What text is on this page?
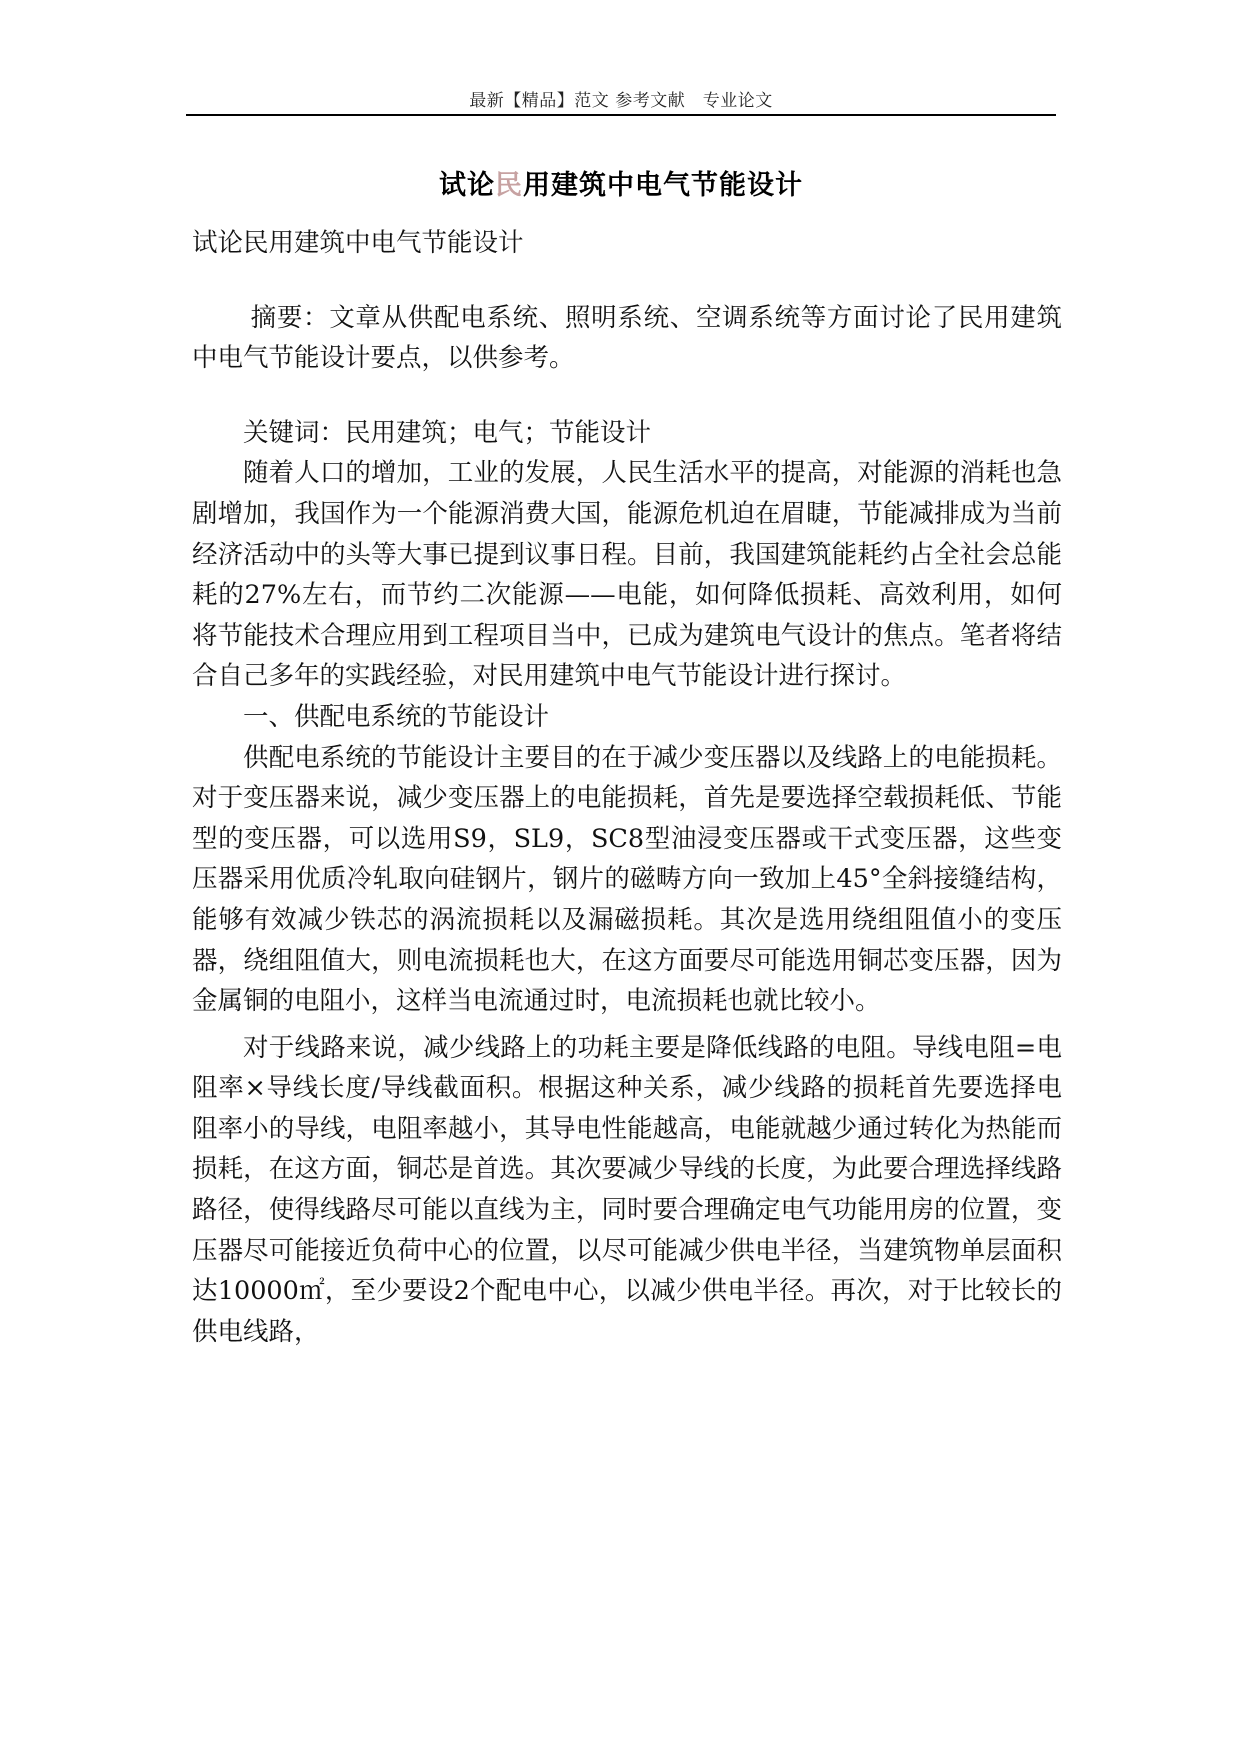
最新【精品】范文 参考文献　专业论文
试论民用建筑中电气节能设计

试论民用建筑中电气节能设计

摘要：文章从供配电系统、照明系统、空调系统等方面讨论了民用建筑中电气节能设计要点，以供参考。

关键词：民用建筑；电气；节能设计

随着人口的增加，工业的发展，人民生活水平的提高，对能源的消耗也急剧增加，我国作为一个能源消费大国，能源危机迫在眉睫，节能减排成为当前经济活动中的头等大事已提到议事日程。目前，我国建筑能耗约占全社会总能耗的27%左右，而节约二次能源——电能，如何降低损耗、高效利用，如何将节能技术合理应用到工程项目当中，已成为建筑电气设计的焦点。笔者将结合自己多年的实践经验，对民用建筑中电气节能设计进行探讨。

一、供配电系统的节能设计

供配电系统的节能设计主要目的在于减少变压器以及线路上的电能损耗。对于变压器来说，减少变压器上的电能损耗，首先是要选择空载损耗低、节能型的变压器，可以选用S9，SL9，SC8型油浸变压器或干式变压器，这些变压器采用优质冷轧取向硅钢片，钢片的磁畴方向一致加上45°全斜接缝结构，能够有效减少铁芯的涡流损耗以及漏磁损耗。其次是选用绕组阻值小的变压器，绕组阻值大，则电流损耗也大，在这方面要尽可能选用铜芯变压器，因为金属铜的电阻小，这样当电流通过时，电流损耗也就比较小。

对于线路来说，减少线路上的功耗主要是降低线路的电阻。导线电阻=电阻率×导线长度/导线截面积。根据这种关系，减少线路的损耗首先要选择电阻率小的导线，电阻率越小，其导电性能越高，电能就越少通过转化为热能而损耗，在这方面，铜芯是首选。其次要减少导线的长度，为此要合理选择线路路径，使得线路尽可能以直线为主，同时要合理确定电气功能用房的位置，变压器尽可能接近负荷中心的位置，以尽可能减少供电半径，当建筑物单层面积达10000㎡，至少要设2个配电中心，以减少供电半径。再次，对于比较长的供电线路，
